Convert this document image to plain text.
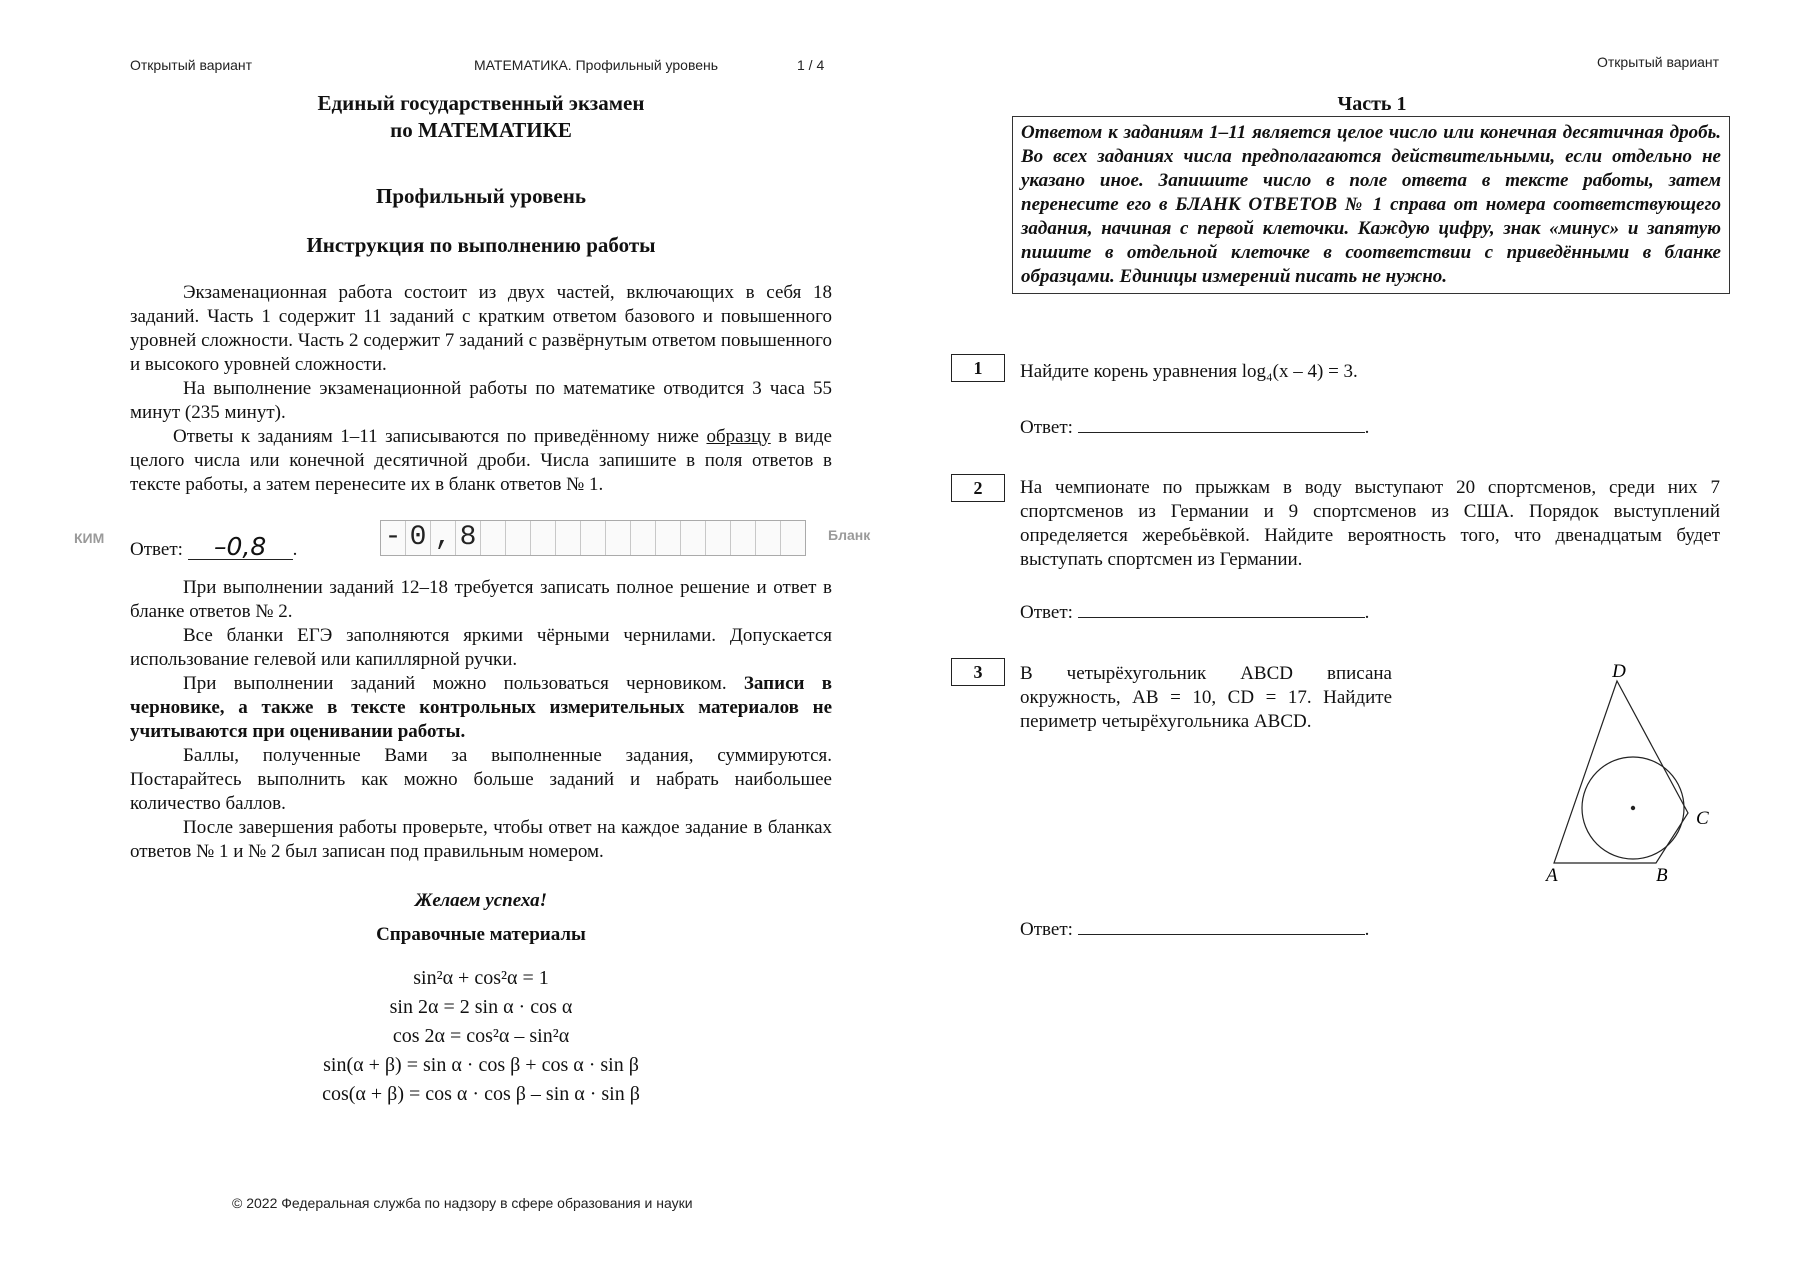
Открытый вариант	МАТЕМАТИКА. Профильный уровень	1 / 4	Открытый вариант
Единый государственный экзамен
по МАТЕМАТИКЕ
Профильный уровень
Инструкция по выполнению работы

Экзаменационная работа состоит из двух частей, включающих в себя 18 заданий. Часть 1 содержит 11 заданий с кратким ответом базового и повышенного уровней сложности. Часть 2 содержит 7 заданий с развёрнутым ответом повышенного и высокого уровней сложности.

На выполнение экзаменационной работы по математике отводится 3 часа 55 минут (235 минут).

Ответы к заданиям 1–11 записываются по приведённому ниже образцу в виде целого числа или конечной десятичной дроби. Числа запишите в поля ответов в тексте работы, а затем перенесите их в бланк ответов № 1.

КИМ
Ответ: –0,8 .	- 0 , 8	Бланк

При выполнении заданий 12–18 требуется записать полное решение и ответ в бланке ответов № 2.

Все бланки ЕГЭ заполняются яркими чёрными чернилами. Допускается использование гелевой или капиллярной ручки.

При выполнении заданий можно пользоваться черновиком. Записи в черновике, а также в тексте контрольных измерительных материалов не учитываются при оценивании работы.

Баллы, полученные Вами за выполненные задания, суммируются. Постарайтесь выполнить как можно больше заданий и набрать наибольшее количество баллов.

После завершения работы проверьте, чтобы ответ на каждое задание в бланках ответов № 1 и № 2 был записан под правильным номером.

Желаем успеха!
Справочные материалы
sin²α + cos²α = 1
sin 2α = 2 sin α · cos α
cos 2α = cos²α – sin²α
sin(α + β) = sin α · cos β + cos α · sin β
cos(α + β) = cos α · cos β – sin α · sin β
© 2022 Федеральная служба по надзору в сфере образования и науки
Часть 1
Ответом к заданиям 1–11 является целое число или конечная десятичная дробь. Во всех заданиях числа предполагаются действительными, если отдельно не указано иное. Запишите число в поле ответа в тексте работы, затем перенесите его в БЛАНК ОТВЕТОВ № 1 справа от номера соответствующего задания, начиная с первой клеточки. Каждую цифру, знак «минус» и запятую пишите в отдельной клеточке в соответствии с приведёнными в бланке образцами. Единицы измерений писать не нужно.
1	Найдите корень уравнения log₄(x – 4) = 3.
Ответ:	.
2	На чемпионате по прыжкам в воду выступают 20 спортсменов, среди них 7 спортсменов из Германии и 9 спортсменов из США. Порядок выступлений определяется жеребьёвкой. Найдите вероятность того, что двенадцатым будет выступать спортсмен из Германии.
Ответ:	.
3	В четырёхугольник ABCD вписана окружность, AB = 10, CD = 17. Найдите периметр четырёхугольника ABCD.
Ответ:	.
D
A	B
C
